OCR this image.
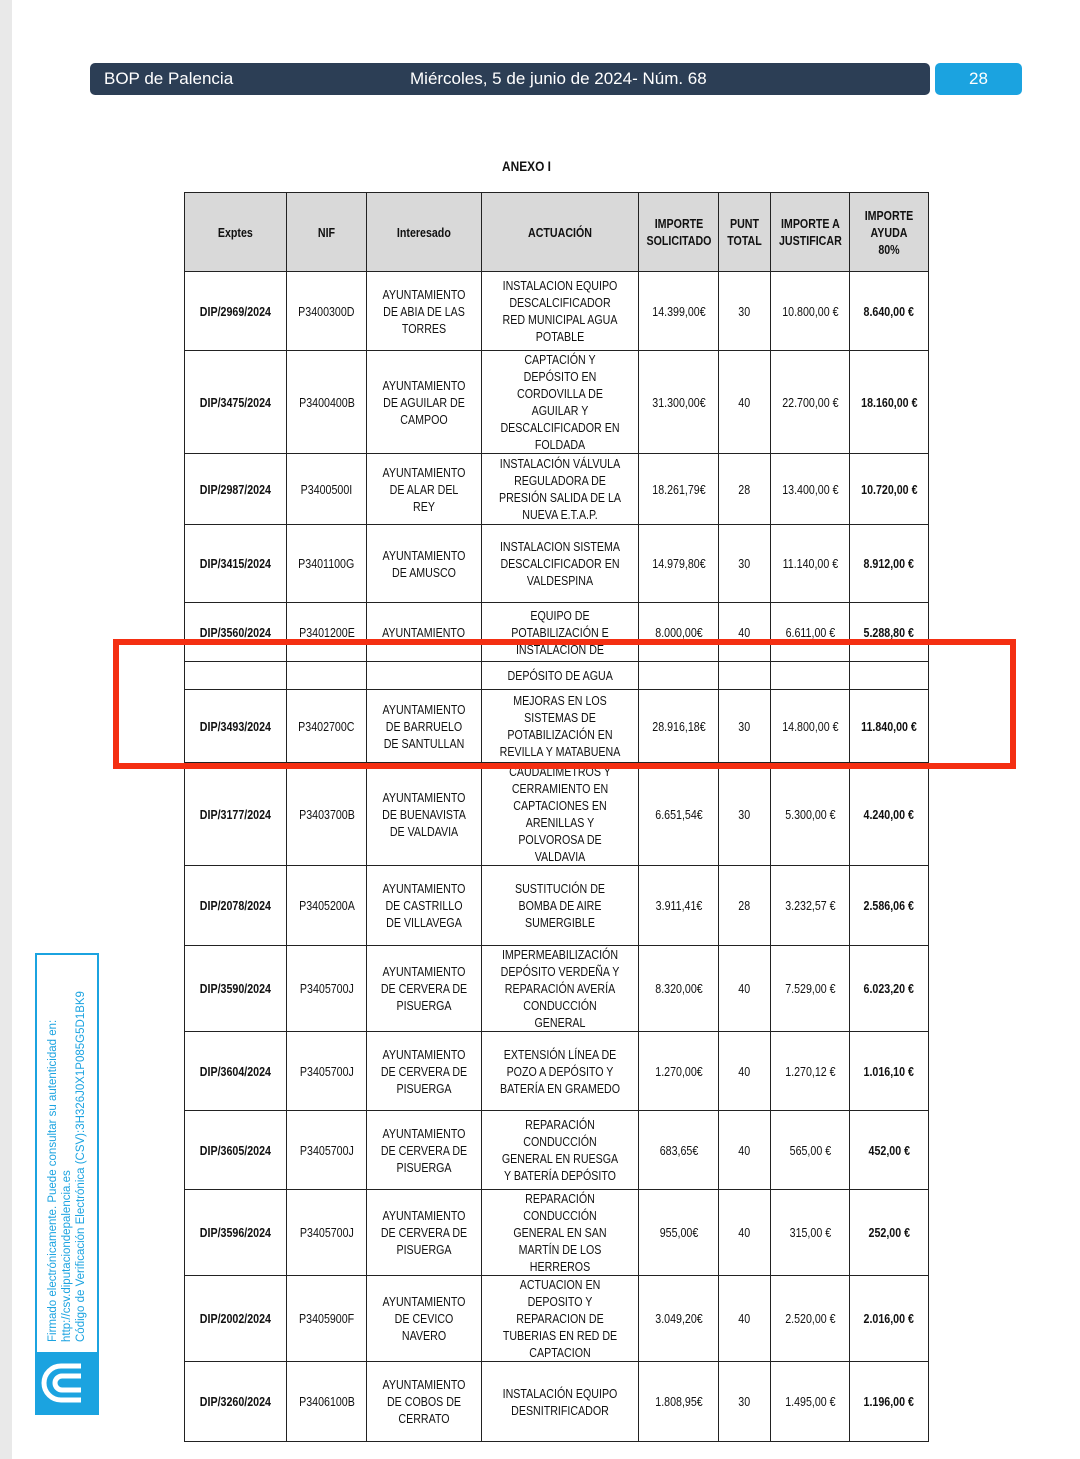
BOP de Palencia	Miércoles, 5 de junio de 2024- Núm. 68	28
ANEXO I
Exptes	NIF	Interesado	ACTUACIÓN	IMPORTE SOLICITADO	PUNT TOTAL	IMPORTE A JUSTIFICAR	IMPORTE AYUDA 80%
DIP/2969/2024	P3400300D	AYUNTAMIENTO DE ABIA DE LAS TORRES	INSTALACION EQUIPO DESCALCIFICADOR RED MUNICIPAL AGUA POTABLE	14.399,00€	30	10.800,00 €	8.640,00 €
DIP/3475/2024	P3400400B	AYUNTAMIENTO DE AGUILAR DE CAMPOO	CAPTACIÓN Y DEPÓSITO EN CORDOVILLA DE AGUILAR Y DESCALCIFICADOR EN FOLDADA	31.300,00€	40	22.700,00 €	18.160,00 €
DIP/2987/2024	P3400500I	AYUNTAMIENTO DE ALAR DEL REY	INSTALACIÓN VÁLVULA REGULADORA DE PRESIÓN SALIDA DE LA NUEVA E.T.A.P.	18.261,79€	28	13.400,00 €	10.720,00 €
DIP/3415/2024	P3401100G	AYUNTAMIENTO DE AMUSCO	INSTALACION SISTEMA DESCALCIFICADOR EN VALDESPINA	14.979,80€	30	11.140,00 €	8.912,00 €
DIP/3560/2024	P3401200E	AYUNTAMIENTO	EQUIPO DE POTABILIZACIÓN E INSTALACIÓN DE	8.000,00€	40	6.611,00 €	5.288,80 €
			DEPÓSITO DE AGUA				
DIP/3493/2024	P3402700C	AYUNTAMIENTO DE BARRUELO DE SANTULLAN	MEJORAS EN LOS SISTEMAS DE POTABILIZACIÓN EN REVILLA Y MATABUENA	28.916,18€	30	14.800,00 €	11.840,00 €
DIP/3177/2024	P3403700B	AYUNTAMIENTO DE BUENAVISTA DE VALDAVIA	CAUDALIMETROS Y CERRAMIENTO EN CAPTACIONES EN ARENILLAS Y POLVOROSA DE VALDAVIA	6.651,54€	30	5.300,00 €	4.240,00 €
DIP/2078/2024	P3405200A	AYUNTAMIENTO DE CASTRILLO DE VILLAVEGA	SUSTITUCIÓN DE BOMBA DE AIRE SUMERGIBLE	3.911,41€	28	3.232,57 €	2.586,06 €
DIP/3590/2024	P3405700J	AYUNTAMIENTO DE CERVERA DE PISUERGA	IMPERMEABILIZACIÓN DEPÓSITO VERDEÑA Y REPARACIÓN AVERÍA CONDUCCIÓN GENERAL	8.320,00€	40	7.529,00 €	6.023,20 €
DIP/3604/2024	P3405700J	AYUNTAMIENTO DE CERVERA DE PISUERGA	EXTENSIÓN LÍNEA DE POZO A DEPÓSITO Y BATERÍA EN GRAMEDO	1.270,00€	40	1.270,12 €	1.016,10 €
DIP/3605/2024	P3405700J	AYUNTAMIENTO DE CERVERA DE PISUERGA	REPARACIÓN CONDUCCIÓN GENERAL EN RUESGA Y BATERÍA DEPÓSITO	683,65€	40	565,00 €	452,00 €
DIP/3596/2024	P3405700J	AYUNTAMIENTO DE CERVERA DE PISUERGA	REPARACIÓN CONDUCCIÓN GENERAL EN SAN MARTÍN DE LOS HERREROS	955,00€	40	315,00 €	252,00 €
DIP/2002/2024	P3405900F	AYUNTAMIENTO DE CEVICO NAVERO	ACTUACION EN DEPOSITO Y REPARACION DE TUBERIAS EN RED DE CAPTACION	3.049,20€	40	2.520,00 €	2.016,00 €
DIP/3260/2024	P3406100B	AYUNTAMIENTO DE COBOS DE CERRATO	INSTALACIÓN EQUIPO DESNITRIFICADOR	1.808,95€	30	1.495,00 €	1.196,00 €
Firmado electrónicamente. Puede consultar su autenticidad en: http://csv.diputaciondepalencia.es Código de Verificación Electrónica (CSV):3H326J0X1P085G5D1BK9
